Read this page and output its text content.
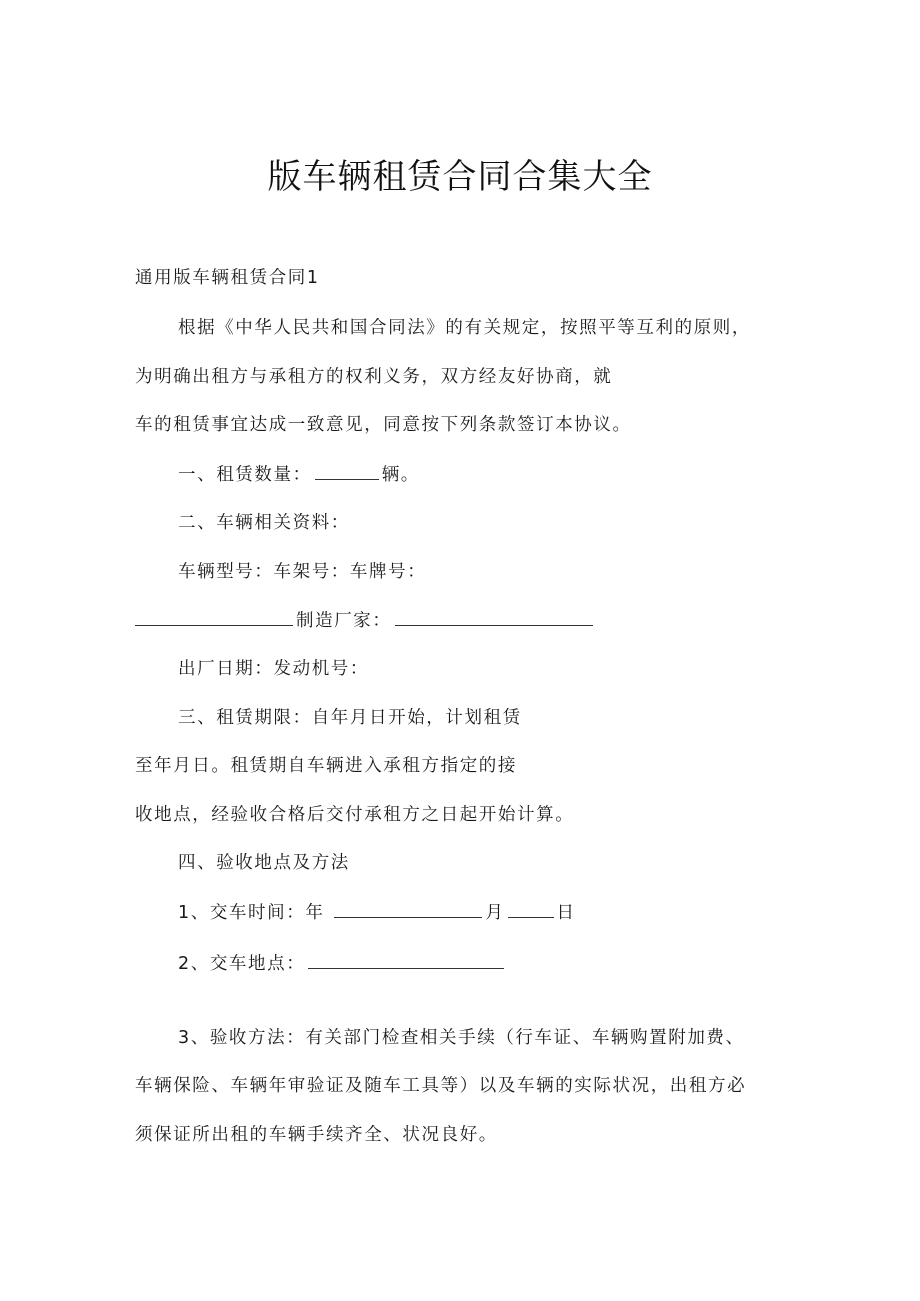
版车辆租赁合同合集大全
通用版车辆租赁合同1
根据《中华人民共和国合同法》的有关规定，按照平等互利的原则，
为明确出租方与承租方的权利义务，双方经友好协商，就
车的租赁事宜达成一致意见，同意按下列条款签订本协议。
一、租赁数量：	辆。
二、车辆相关资料：
车辆型号：车架号：车牌号：
制造厂家：
出厂日期：发动机号：
三、租赁期限：自年月日开始，计划租赁
至年月日。租赁期自车辆进入承租方指定的接
收地点，经验收合格后交付承租方之日起开始计算。
四、验收地点及方法
1、交车时间：年	月	日
2、交车地点：
3、验收方法：有关部门检查相关手续（行车证、车辆购置附加费、
车辆保险、车辆年审验证及随车工具等）以及车辆的实际状况，出租方必
须保证所出租的车辆手续齐全、状况良好。
